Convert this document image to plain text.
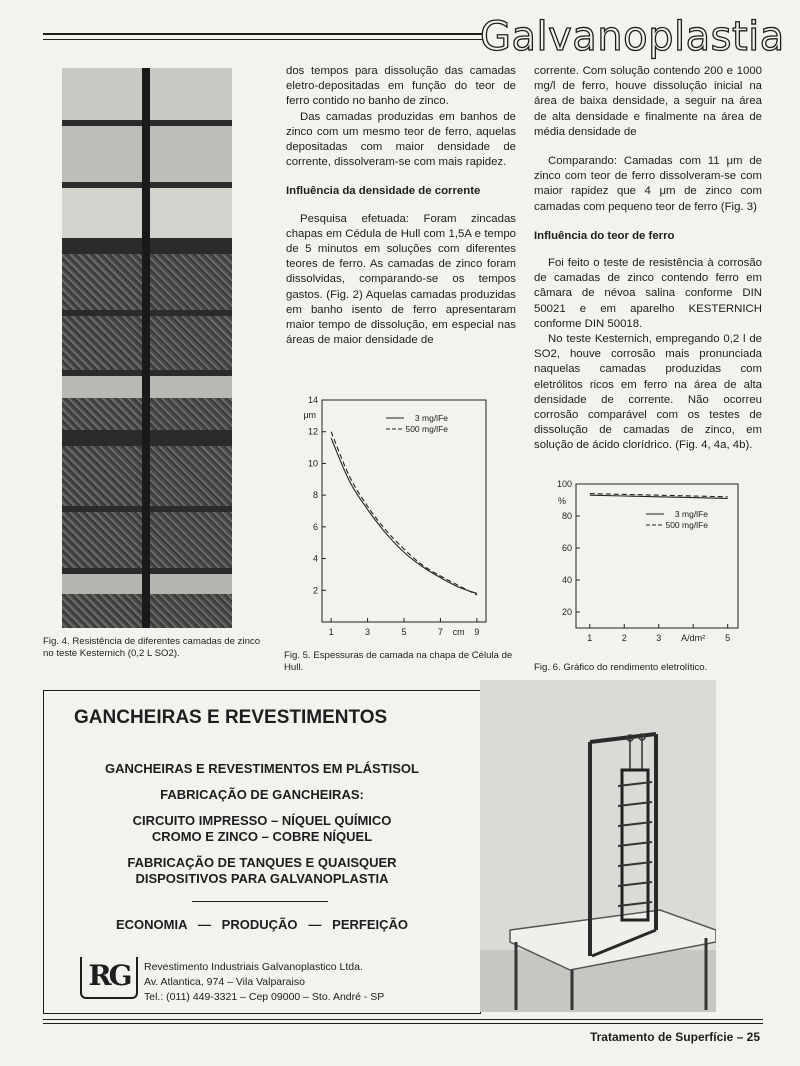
Galvanoplastia
Fig. 4. Resistência de diferentes camadas de zinco no teste Kesternich (0,2 L SO2).

dos tempos para dissolução das camadas eletro-depositadas em função do teor de ferro contido no banho de zinco.

Das camadas produzidas em banhos de zinco com um mesmo teor de ferro, aquelas depositadas com maior densidade de corrente, dissolveram-se com mais rapidez.

Influência da densidade de corrente

Pesquisa efetuada: Foram zincadas chapas em Cédula de Hull com 1,5A e tempo de 5 minutos em soluções com diferentes teores de ferro. As camadas de zinco foram dissolvidas, comparando-se os tempos gastos. (Fig. 2) Aquelas camadas produzidas em banho isento de ferro apresentaram maior tempo de dissolução, em especial nas áreas de maior densidade de

2
4
6
8
10
12
14
μm
1	3	5	7	9
cm
3 mg/lFe
500 mg/lFe
Fig. 5. Espessuras de camada na chapa de Célula de Hull.

corrente. Com solução contendo 200 e 1000 mg/l de ferro, houve dissolução inicial na área de baixa densidade, a seguir na área de alta densidade e finalmente na área de média densidade de

Comparando: Camadas com 11 μm de zinco com teor de ferro dissolveram-se com maior rapidez que 4 μm de zinco com camadas com pequeno teor de ferro (Fig. 3)

Influência do teor de ferro

Foi feito o teste de resistência à corrosão de camadas de zinco contendo ferro em câmara de névoa salina conforme DIN 50021 e em aparelho KESTERNICH conforme DIN 50018.

No teste Kesternich, empregando 0,2 l de SO2, houve corrosão mais pronunciada naquelas camadas produzidas com eletrólitos ricos em ferro na área de alta densidade de corrente. Não ocorreu corrosão comparável com os testes de dissolução de camadas de zinco, em solução de ácido clorídrico. (Fig. 4, 4a, 4b).

20
40
60
80
100
%
1	2	3 A/dm² 5
3 mg/lFe
500 mg/lFe
Fig. 6. Gráfico do rendimento eletrolítico.
GANCHEIRAS E REVESTIMENTOS
GANCHEIRAS E REVESTIMENTOS EM PLÁSTISOL
FABRICAÇÃO DE GANCHEIRAS:
CIRCUITO IMPRESSO – NÍQUEL QUÍMICO
CROMO E ZINCO – COBRE NÍQUEL
FABRICAÇÃO DE TANQUES E QUAISQUER
DISPOSITIVOS PARA GALVANOPLASTIA
ECONOMIA   —   PRODUÇÃO   —   PERFEIÇÃO
RG	Revestimento Industriais Galvanoplastico Ltda.
Av. Atlantica, 974 – Vila Valparaiso
Tel.: (011) 449-3321 – Cep 09000 – Sto. André - SP
Tratamento de Superfície – 25
